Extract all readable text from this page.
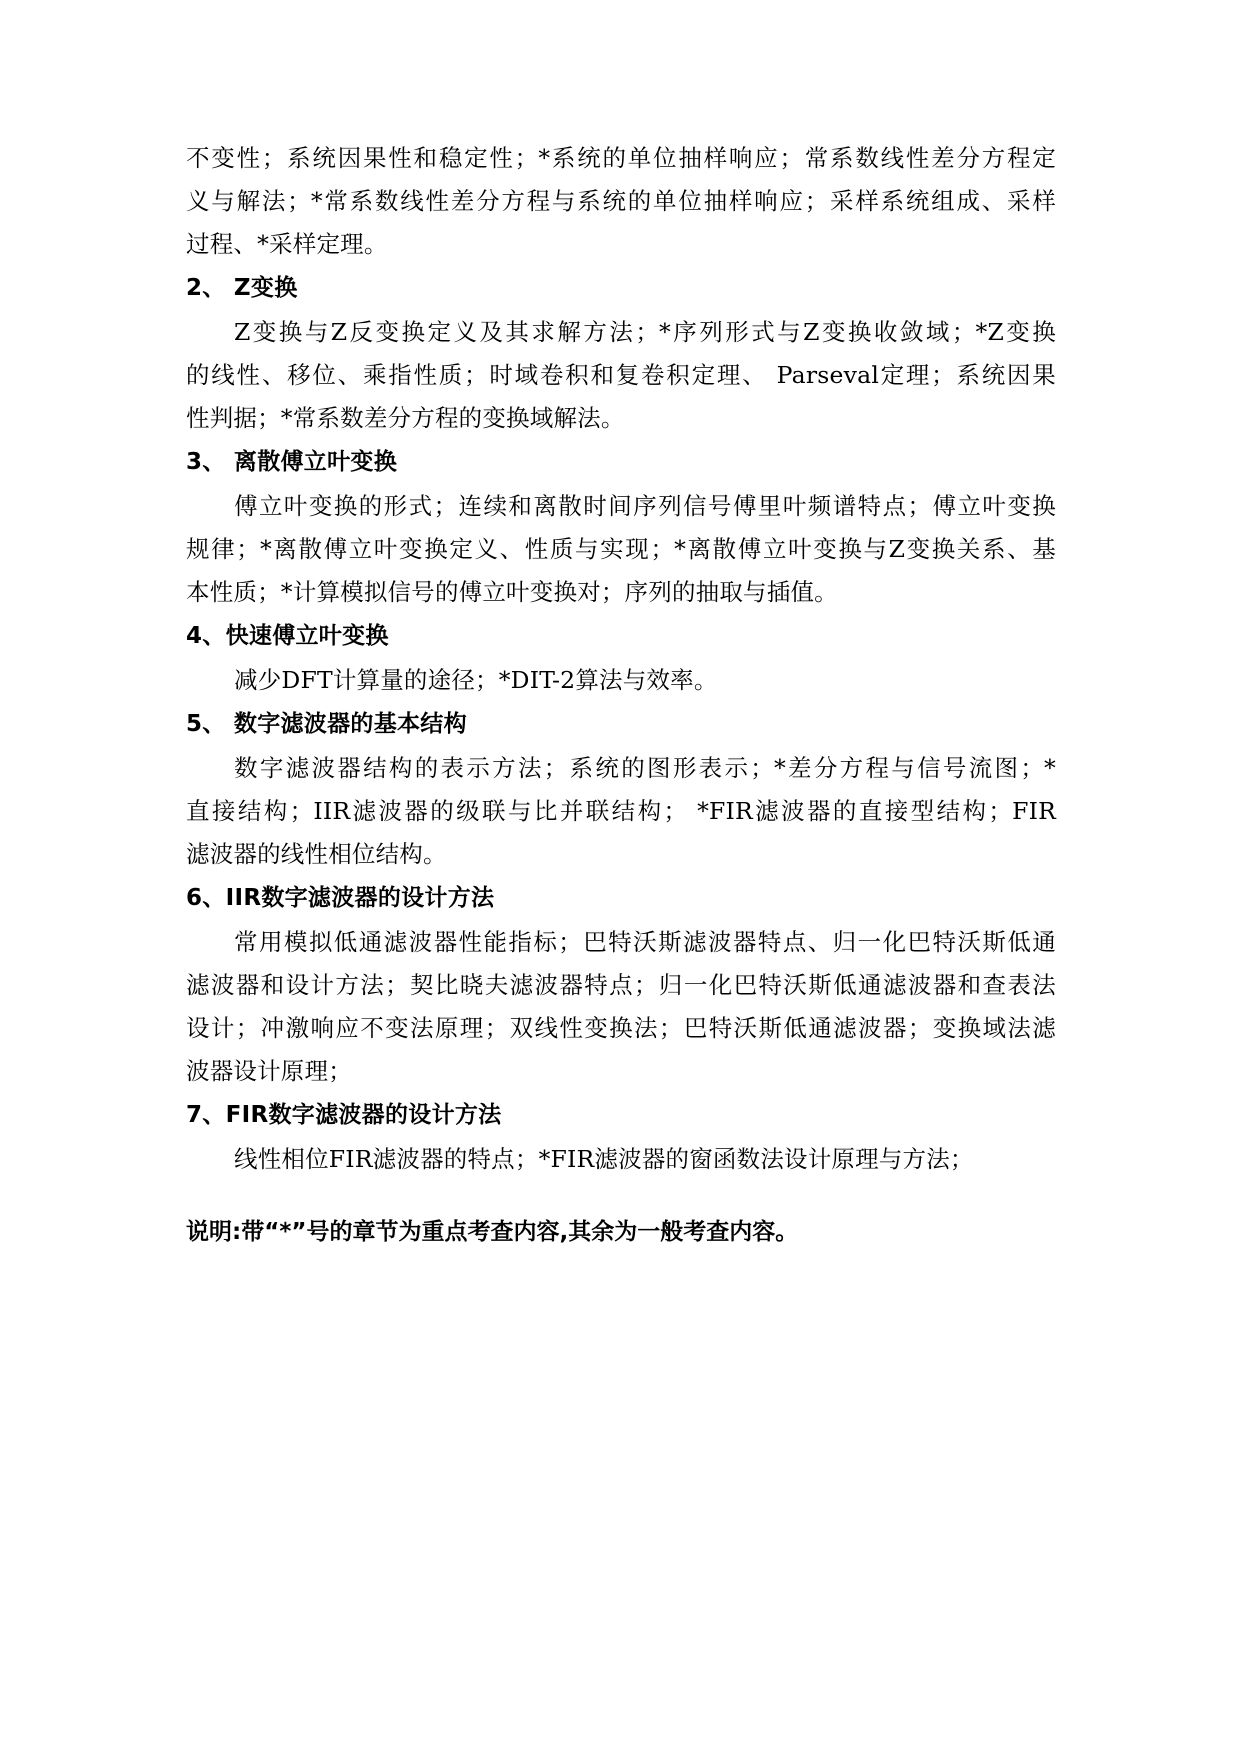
不变性；系统因果性和稳定性；*系统的单位抽样响应；常系数线性差分方程定
义与解法；*常系数线性差分方程与系统的单位抽样响应；采样系统组成、采样
过程、*采样定理。
2、 Z变换
Z变换与Z反变换定义及其求解方法；*序列形式与Z变换收敛域；*Z变换
的线性、移位、乘指性质；时域卷积和复卷积定理、 Parseval定理；系统因果
性判据；*常系数差分方程的变换域解法。
3、 离散傅立叶变换
傅立叶变换的形式；连续和离散时间序列信号傅里叶频谱特点；傅立叶变换
规律；*离散傅立叶变换定义、性质与实现；*离散傅立叶变换与Z变换关系、基
本性质；*计算模拟信号的傅立叶变换对；序列的抽取与插值。
4、快速傅立叶变换
减少DFT计算量的途径；*DIT-2算法与效率。
5、 数字滤波器的基本结构
数字滤波器结构的表示方法；系统的图形表示；*差分方程与信号流图；*
直接结构；IIR滤波器的级联与比并联结构； *FIR滤波器的直接型结构；FIR
滤波器的线性相位结构。
6、IIR数字滤波器的设计方法
常用模拟低通滤波器性能指标；巴特沃斯滤波器特点、归一化巴特沃斯低通
滤波器和设计方法；契比晓夫滤波器特点；归一化巴特沃斯低通滤波器和查表法
设计；冲激响应不变法原理；双线性变换法；巴特沃斯低通滤波器；变换域法滤
波器设计原理；
7、FIR数字滤波器的设计方法
线性相位FIR滤波器的特点；*FIR滤波器的窗函数法设计原理与方法；
说明:带“*”号的章节为重点考查内容,其余为一般考查内容。
